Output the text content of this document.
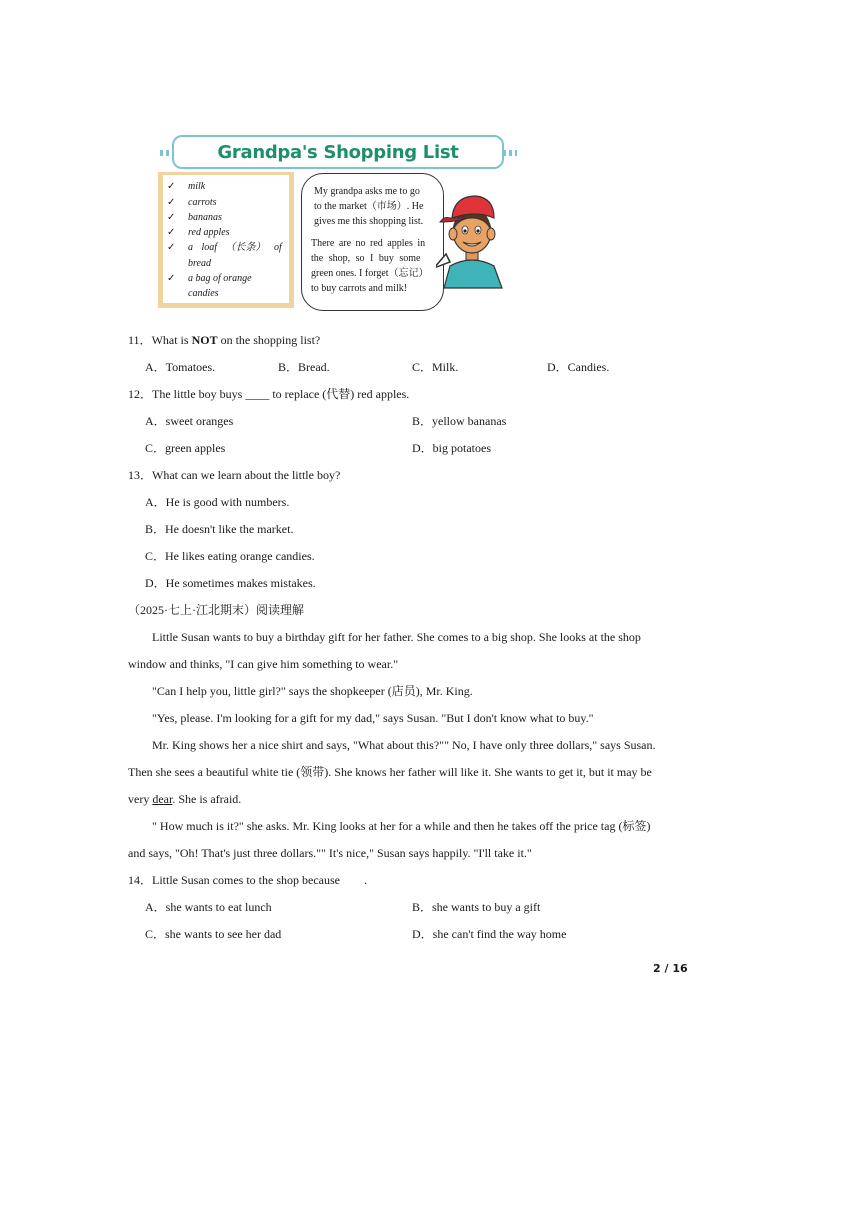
Grandpa's Shopping List
✓ milk
✓ carrots
✓ bananas
✓ red apples
✓ a loaf （长条） of
bread
✓ a bag of orange
candies
My grandpa asks me to go
to the market（市场）. He
gives me this shopping list.
There are no red apples in
the shop, so I buy some
green ones. I forget（忘记）
to buy carrots and milk!
11．What is NOT on the shopping list?
A．Tomatoes.	B．Bread.	C．Milk.	D．Candies.
12．The little boy buys ____ to replace (代替) red apples.
A．sweet oranges	B．yellow bananas
C．green apples	D．big potatoes
13．What can we learn about the little boy?
A．He is good with numbers.
B．He doesn't like the market.
C．He likes eating orange candies.
D．He sometimes makes mistakes.
（2025·七上·江北期末）阅读理解
Little Susan wants to buy a birthday gift for her father. She comes to a big shop. She looks at the shop
window and thinks, "I can give him something to wear."
"Can I help you, little girl?" says the shopkeeper (店员), Mr. King.
"Yes, please. I'm looking for a gift for my dad," says Susan. "But I don't know what to buy."
Mr. King shows her a nice shirt and says, "What about this?"" No, I have only three dollars," says Susan.
Then she sees a beautiful white tie (领带). She knows her father will like it. She wants to get it, but it may be
very dear. She is afraid.
" How much is it?" she asks. Mr. King looks at her for a while and then he takes off the price tag (标签)
and says, "Oh! That's just three dollars."" It's nice," Susan says happily. "I'll take it."
14．Little Susan comes to the shop because        .
A．she wants to eat lunch	B．she wants to buy a gift
C．she wants to see her dad	D．she can't find the way home
2 / 16
